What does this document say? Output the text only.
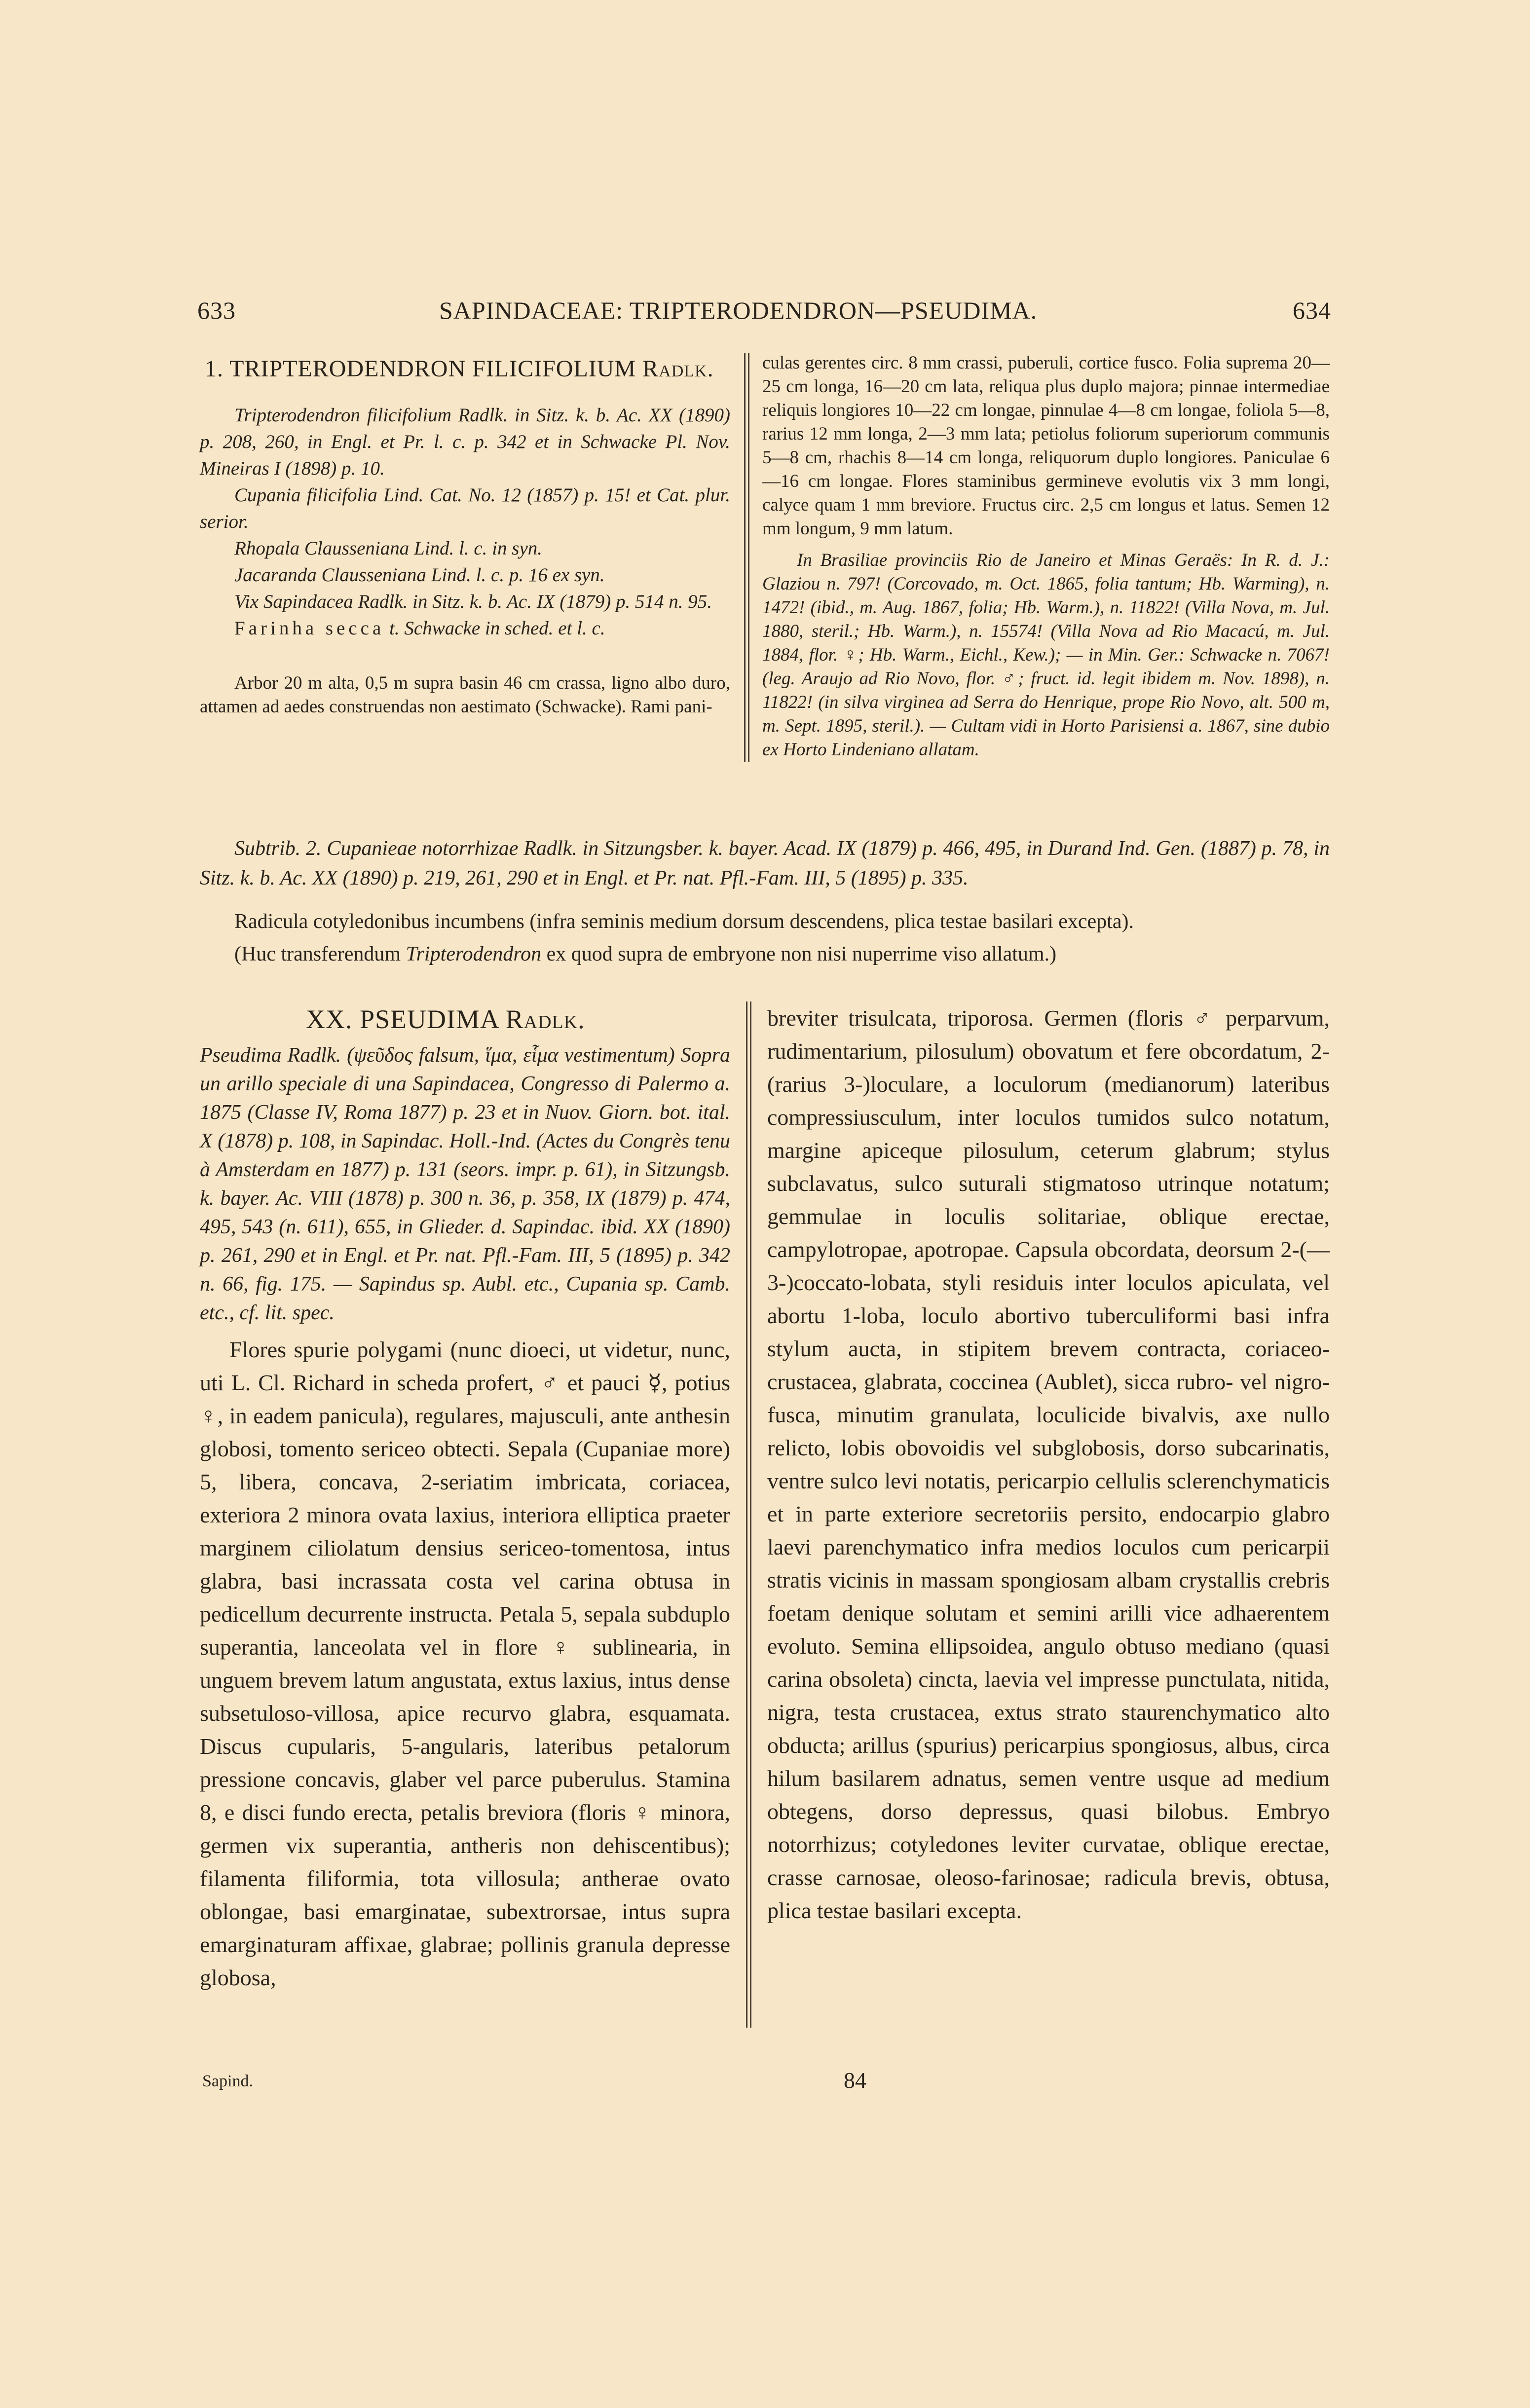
633	SAPINDACEAE: TRIPTERODENDRON—PSEUDIMA.	634
1. TRIPTERODENDRON FILICIFOLIUM Radlk.

Tripterodendron filicifolium Radlk. in Sitz. k. b. Ac. XX (1890) p. 208, 260, in Engl. et Pr. l. c. p. 342 et in Schwacke Pl. Nov. Mineiras I (1898) p. 10.

Cupania filicifolia Lind. Cat. No. 12 (1857) p. 15! et Cat. plur. serior.

Rhopala Clausseniana Lind. l. c. in syn.

Jacaranda Clausseniana Lind. l. c. p. 16 ex syn.

Vix Sapindacea Radlk. in Sitz. k. b. Ac. IX (1879) p. 514 n. 95.

Farinha secca t. Schwacke in sched. et l. c.

Arbor 20 m alta, 0,5 m supra basin 46 cm crassa, ligno albo duro, attamen ad aedes construendas non aestimato (Schwacke). Rami pani-

culas gerentes circ. 8 mm crassi, puberuli, cortice fusco. Folia suprema 20—25 cm longa, 16—20 cm lata, reliqua plus duplo majora; pinnae intermediae reliquis longiores 10—22 cm longae, pinnulae 4—8 cm longae, foliola 5—8, rarius 12 mm longa, 2—3 mm lata; petiolus foliorum superiorum communis 5—8 cm, rhachis 8—14 cm longa, reliquorum duplo longiores. Paniculae 6—16 cm longae. Flores staminibus germineve evolutis vix 3 mm longi, calyce quam 1 mm breviore. Fructus circ. 2,5 cm longus et latus. Semen 12 mm longum, 9 mm latum.

In Brasiliae provinciis Rio de Janeiro et Minas Geraës: In R. d. J.: Glaziou n. 797! (Corcovado, m. Oct. 1865, folia tantum; Hb. Warming), n. 1472! (ibid., m. Aug. 1867, folia; Hb. Warm.), n. 11822! (Villa Nova, m. Jul. 1880, steril.; Hb. Warm.), n. 15574! (Villa Nova ad Rio Macacú, m. Jul. 1884, flor. ♀; Hb. Warm., Eichl., Kew.); — in Min. Ger.: Schwacke n. 7067! (leg. Araujo ad Rio Novo, flor. ♂; fruct. id. legit ibidem m. Nov. 1898), n. 11822! (in silva virginea ad Serra do Henrique, prope Rio Novo, alt. 500 m, m. Sept. 1895, steril.). — Cultam vidi in Horto Parisiensi a. 1867, sine dubio ex Horto Lindeniano allatam.

Subtrib. 2. Cupanieae notorrhizae Radlk. in Sitzungsber. k. bayer. Acad. IX (1879) p. 466, 495, in Durand Ind. Gen. (1887) p. 78, in Sitz. k. b. Ac. XX (1890) p. 219, 261, 290 et in Engl. et Pr. nat. Pfl.-Fam. III, 5 (1895) p. 335.

Radicula cotyledonibus incumbens (infra seminis medium dorsum descendens, plica testae basilari excepta).

(Huc transferendum Tripterodendron ex quod supra de embryone non nisi nuperrime viso allatum.)

XX. PSEUDIMA Radlk.

Pseudima Radlk. (ψεῦδος falsum, ἵμα, εἷμα vestimentum) Sopra un arillo speciale di una Sapindacea, Congresso di Palermo a. 1875 (Classe IV, Roma 1877) p. 23 et in Nuov. Giorn. bot. ital. X (1878) p. 108, in Sapindac. Holl.-Ind. (Actes du Congrès tenu à Amsterdam en 1877) p. 131 (seors. impr. p. 61), in Sitzungsb. k. bayer. Ac. VIII (1878) p. 300 n. 36, p. 358, IX (1879) p. 474, 495, 543 (n. 611), 655, in Glieder. d. Sapindac. ibid. XX (1890) p. 261, 290 et in Engl. et Pr. nat. Pfl.-Fam. III, 5 (1895) p. 342 n. 66, fig. 175. — Sapindus sp. Aubl. etc., Cupania sp. Camb. etc., cf. lit. spec.

Flores spurie polygami (nunc dioeci, ut videtur, nunc, uti L. Cl. Richard in scheda profert, ♂ et pauci ☿, potius ♀, in eadem panicula), regulares, majusculi, ante anthesin globosi, tomento sericeo obtecti. Sepala (Cupaniae more) 5, libera, concava, 2-seriatim imbricata, coriacea, exteriora 2 minora ovata laxius, interiora elliptica praeter marginem ciliolatum densius sericeo-tomentosa, intus glabra, basi incrassata costa vel carina obtusa in pedicellum decurrente instructa. Petala 5, sepala subduplo superantia, lanceolata vel in flore ♀ sublinearia, in unguem brevem latum angustata, extus laxius, intus dense subsetuloso-villosa, apice recurvo glabra, esquamata. Discus cupularis, 5-angularis, lateribus petalorum pressione concavis, glaber vel parce puberulus. Stamina 8, e disci fundo erecta, petalis breviora (floris ♀ minora, germen vix superantia, antheris non dehiscentibus); filamenta filiformia, tota villosula; antherae ovato oblongae, basi emarginatae, subextrorsae, intus supra emarginaturam affixae, glabrae; pollinis granula depresse globosa,

breviter trisulcata, triporosa. Germen (floris ♂ perparvum, rudimentarium, pilosulum) obovatum et fere obcordatum, 2- (rarius 3-)loculare, a loculorum (medianorum) lateribus compressiusculum, inter loculos tumidos sulco notatum, margine apiceque pilosulum, ceterum glabrum; stylus subclavatus, sulco suturali stigmatoso utrinque notatum; gemmulae in loculis solitariae, oblique erectae, campylotropae, apotropae. Capsula obcordata, deorsum 2-(—3-)coccato-lobata, styli residuis inter loculos apiculata, vel abortu 1-loba, loculo abortivo tuberculiformi basi infra stylum aucta, in stipitem brevem contracta, coriaceo-crustacea, glabrata, coccinea (Aublet), sicca rubro- vel nigro-fusca, minutim granulata, loculicide bivalvis, axe nullo relicto, lobis obovoidis vel subglobosis, dorso subcarinatis, ventre sulco levi notatis, pericarpio cellulis sclerenchymaticis et in parte exteriore secretoriis persito, endocarpio glabro laevi parenchymatico infra medios loculos cum pericarpii stratis vicinis in massam spongiosam albam crystallis crebris foetam denique solutam et semini arilli vice adhaerentem evoluto. Semina ellipsoidea, angulo obtuso mediano (quasi carina obsoleta) cincta, laevia vel impresse punctulata, nitida, nigra, testa crustacea, extus strato staurenchymatico alto obducta; arillus (spurius) pericarpius spongiosus, albus, circa hilum basilarem adnatus, semen ventre usque ad medium obtegens, dorso depressus, quasi bilobus. Embryo notorrhizus; cotyledones leviter curvatae, oblique erectae, crasse carnosae, oleoso-farinosae; radicula brevis, obtusa, plica testae basilari excepta.

Sapind.	84
